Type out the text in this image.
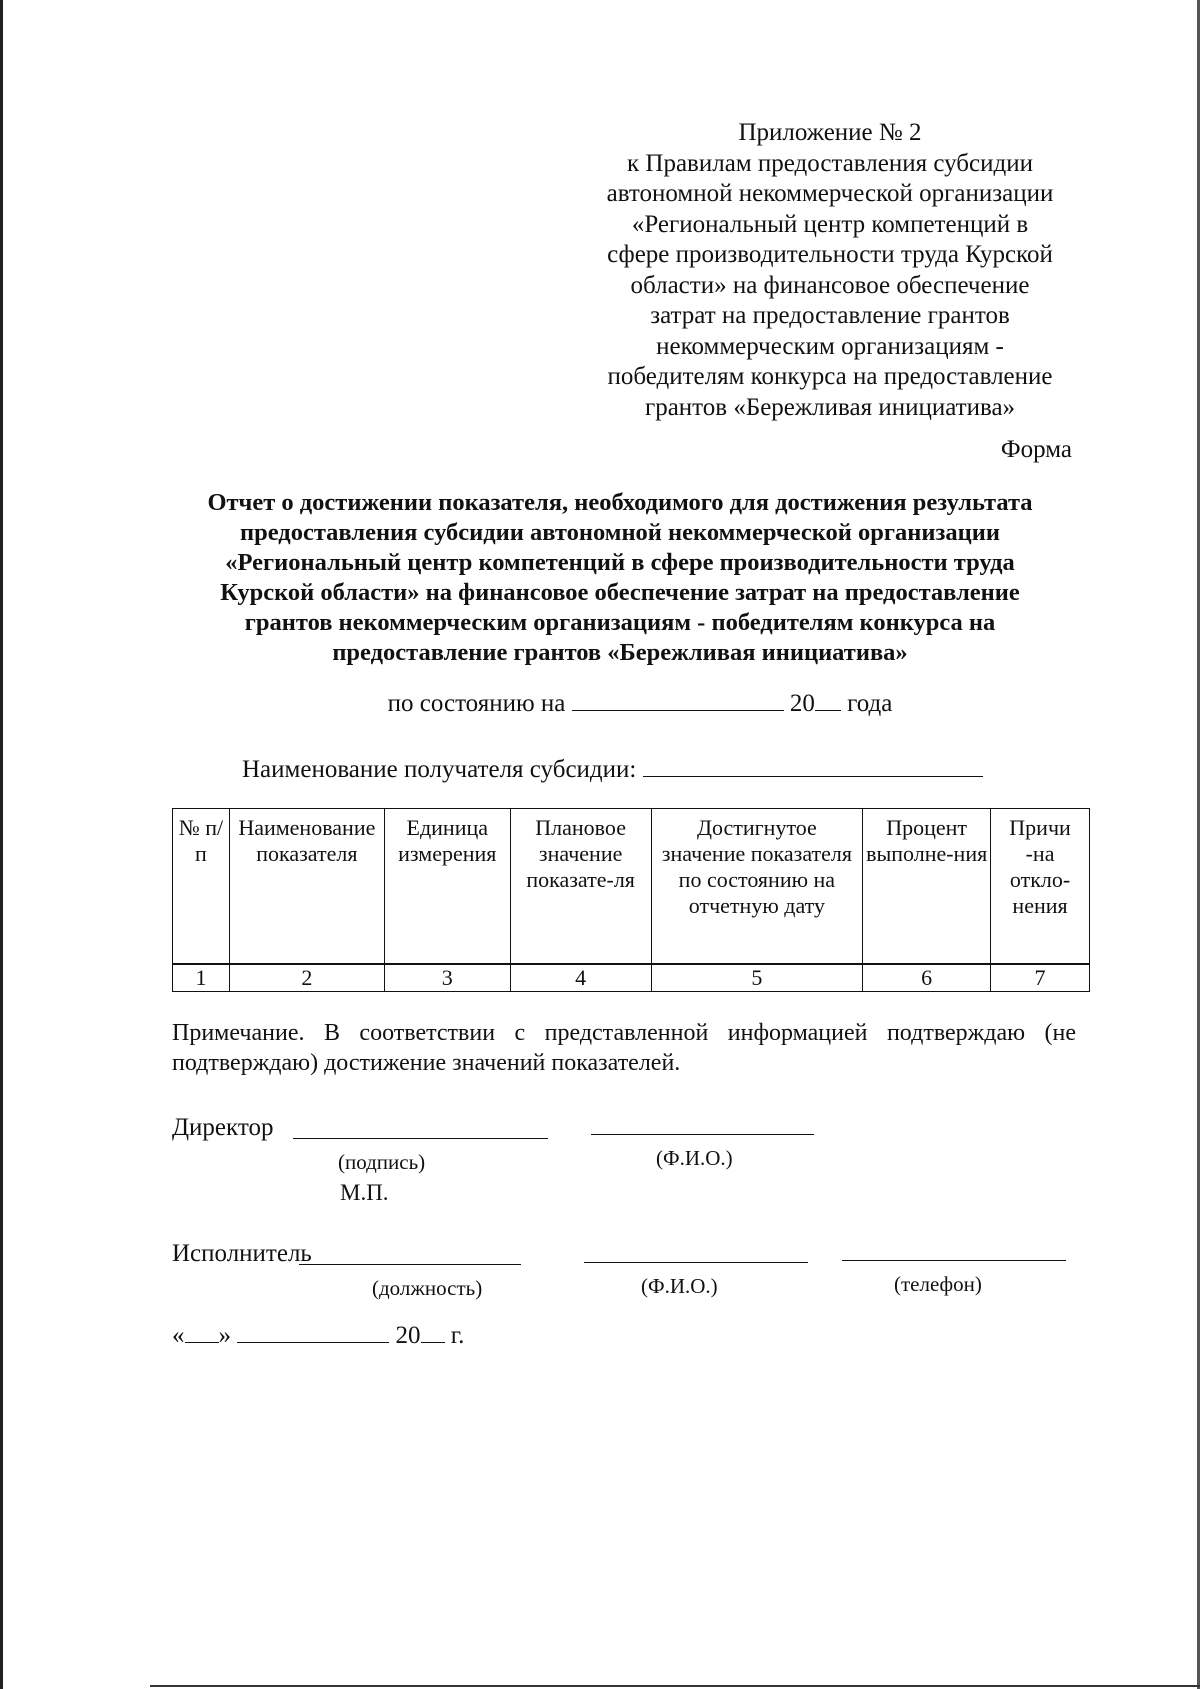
Приложение № 2
к Правилам предоставления субсидии
автономной некоммерческой организации
«Региональный центр компетенций в
сфере производительности труда Курской
области» на финансовое обеспечение
затрат на предоставление грантов
некоммерческим организациям -
победителям конкурса на предоставление
грантов «Бережливая инициатива»
Форма
Отчет о достижении показателя, необходимого для достижения результата
предоставления субсидии автономной некоммерческой организации
«Региональный центр компетенций в сфере производительности труда
Курской области» на финансовое обеспечение затрат на предоставление
грантов некоммерческим организациям - победителям конкурса на
предоставление грантов «Бережливая инициатива»
по состоянию на	20 года
Наименование получателя субсидии:
№ п/п	Наименование показателя	Единица измерения	Плановое значение показате-ля	Достигнутое значение показателя по состоянию на отчетную дату	Процент выполне-ния	Причи -на откло-нения
1	2	3	4	5	6	7
Примечание. В соответствии с представленной информацией подтверждаю (не подтверждаю) достижение значений показателей.
Директор
(подпись)	(Ф.И.О.)
М.П.
Исполнитель
(должность)	(Ф.И.О.)	(телефон)
« »	20 г.
